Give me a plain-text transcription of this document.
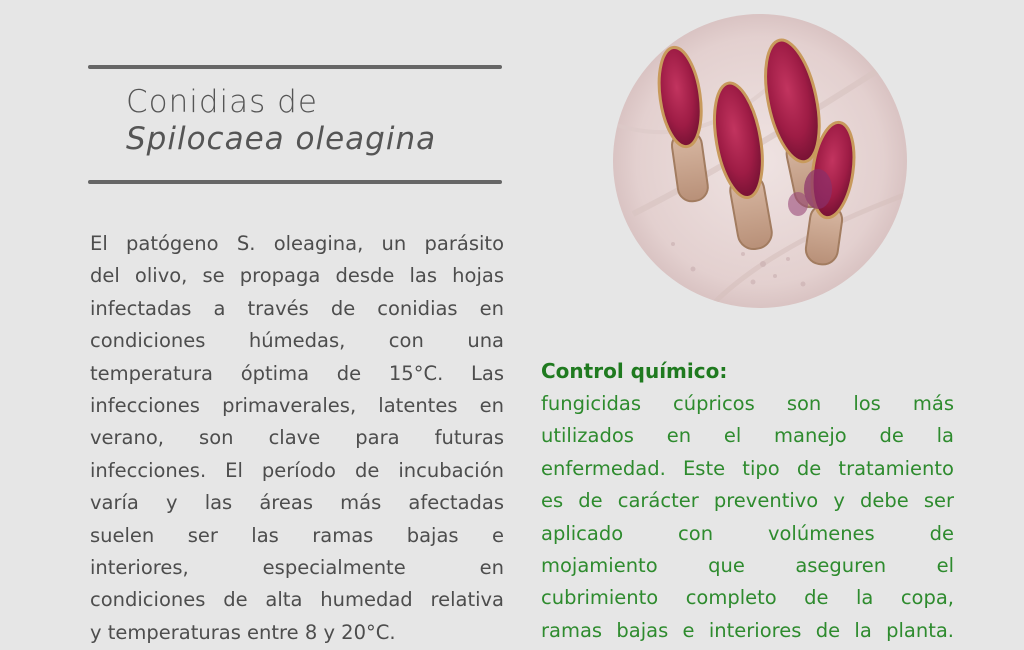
Conidias de
Spilocaea oleagina

El patógeno S. oleagina, un parásito
del olivo, se propaga desde las hojas
infectadas a través de conidias en
condiciones húmedas, con una
temperatura óptima de 15°C. Las
infecciones primaverales, latentes en
verano, son clave para futuras
infecciones. El período de incubación
varía y las áreas más afectadas
suelen ser las ramas bajas e
interiores, especialmente en
condiciones de alta humedad relativa
y temperaturas entre 8 y 20°C.

Control químico:

fungicidas cúpricos son los más
utilizados en el manejo de la
enfermedad. Este tipo de tratamiento
es de carácter preventivo y debe ser
aplicado con volúmenes de
mojamiento que aseguren el
cubrimiento completo de la copa,
ramas bajas e interiores de la planta.
